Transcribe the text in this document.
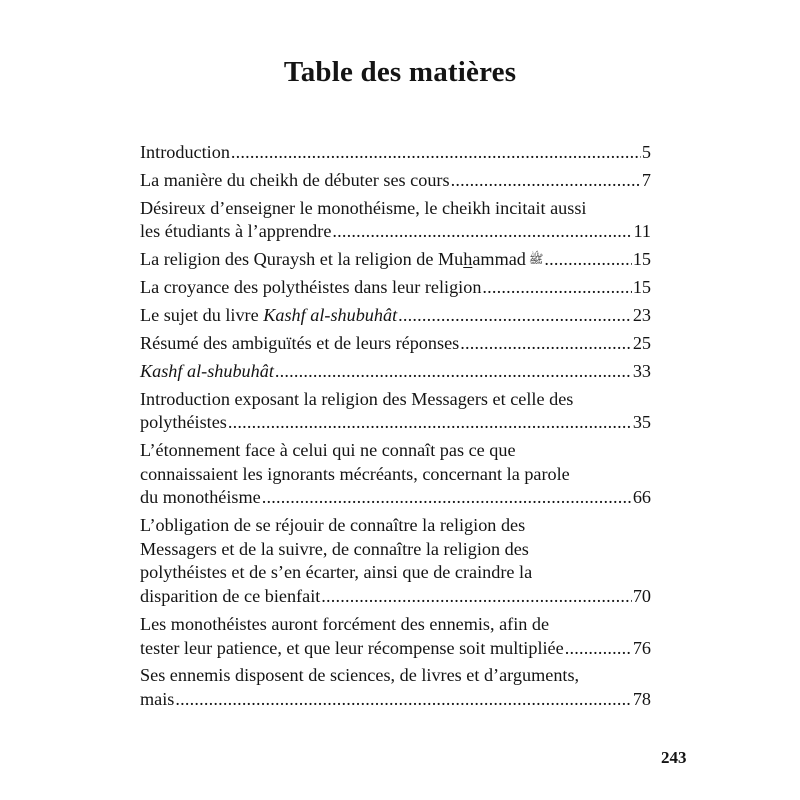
Table des matières
Introduction .....	5
La manière du cheikh de débuter ses cours .....	7
Désireux d’enseigner le monothéisme, le cheikh incitait aussi
les étudiants à l’apprendre .....	11
La religion des Quraysh et la religion de Muhammad ﷺ .....	15
La croyance des polythéistes dans leur religion .....	15
Le sujet du livre Kashf al-shubuhât .....	23
Résumé des ambiguïtés et de leurs réponses .....	25
Kashf al-shubuhât .....	33
Introduction exposant la religion des Messagers et celle des
polythéistes .....	35
L’étonnement face à celui qui ne connaît pas ce que
connaissaient les ignorants mécréants, concernant la parole
du monothéisme .....	66
L’obligation de se réjouir de connaître la religion des
Messagers et de la suivre, de connaître la religion des
polythéistes et de s’en écarter, ainsi que de craindre la
disparition de ce bienfait .....	70
Les monothéistes auront forcément des ennemis, afin de
tester leur patience, et que leur récompense soit multipliée .....	76
Ses ennemis disposent de sciences, de livres et d’arguments,
mais .....	78
243
